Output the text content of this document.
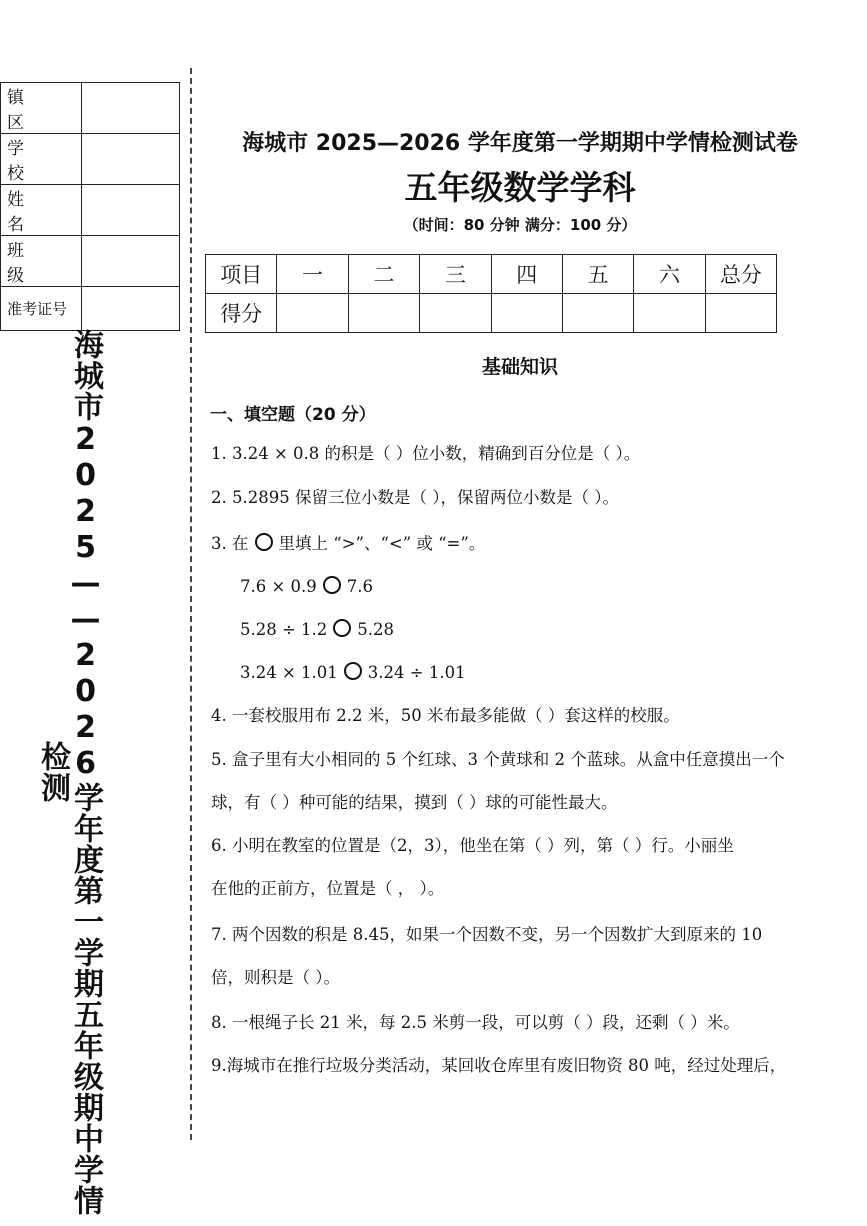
镇 区	
学 校	
姓 名	
班 级	
准考证号	
海城市2025——2026学年度第一学期五年级期中学情检测
海城市 2025—2026 学年度第一学期期中学情检测试卷
五年级数学学科
（时间：80 分钟 满分：100 分）
项目	一	二	三	四	五	六	总分
得分							
基础知识
一、填空题（20 分）
1. 3.24 × 0.8 的积是（ ）位小数，精确到百分位是（ ）。
2. 5.2895 保留三位小数是（ ），保留两位小数是（ ）。
3. 在 里填上 “>”、“<” 或 “=”。
7.6 × 0.9 7.6
5.28 ÷ 1.2 5.28
3.24 × 1.01 3.24 ÷ 1.01
4. 一套校服用布 2.2 米，50 米布最多能做（ ）套这样的校服。
5. 盒子里有大小相同的 5 个红球、3 个黄球和 2 个蓝球。从盒中任意摸出一个
球，有（ ）种可能的结果，摸到（ ）球的可能性最大。
6. 小明在教室的位置是（2，3），他坐在第（ ）列，第（ ）行。小丽坐
在他的正前方，位置是（ ， ）。
7. 两个因数的积是 8.45，如果一个因数不变，另一个因数扩大到原来的 10
倍，则积是（ ）。
8. 一根绳子长 21 米，每 2.5 米剪一段，可以剪（ ）段，还剩（ ）米。
9.海城市在推行垃圾分类活动，某回收仓库里有废旧物资 80 吨，经过处理后，
